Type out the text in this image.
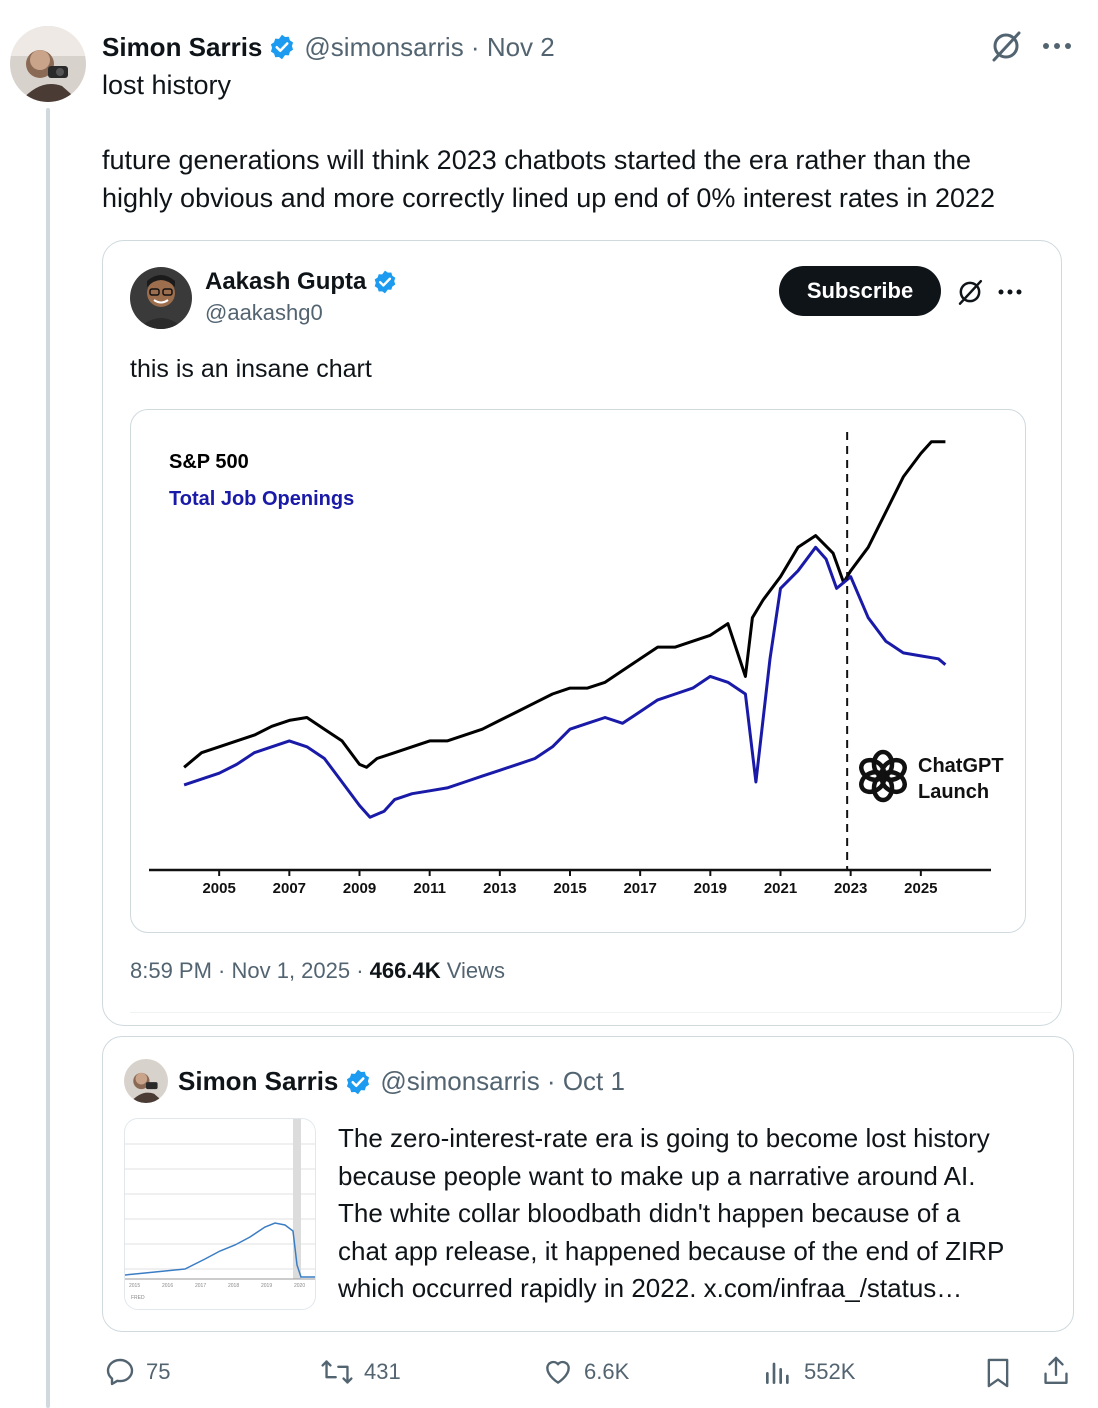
Simon Sarris @simonsarris · Nov 2
lost history
future generations will think 2023 chatbots started the era rather than the
highly obvious and more correctly lined up end of 0% interest rates in 2022
Aakash Gupta
@aakashg0
Subscribe
this is an insane chart
S&P 500
Total Job Openings
2005 2007 2009 2011 2013 2015 2017 2019 2021 2023 2025
ChatGPT
Launch
8:59 PM · Nov 1, 2025 · 466.4K Views
Simon Sarris @simonsarris · Oct 1
2015	2016	2017	2018	2019	2020
FRED
The zero-interest-rate era is going to become lost history
because people want to make up a narrative around AI.
The white collar bloodbath didn't happen because of a
chat app release, it happened because of the end of ZIRP
which occurred rapidly in 2022. x.com/infraa_/status…
75	431	6.6K	552K
